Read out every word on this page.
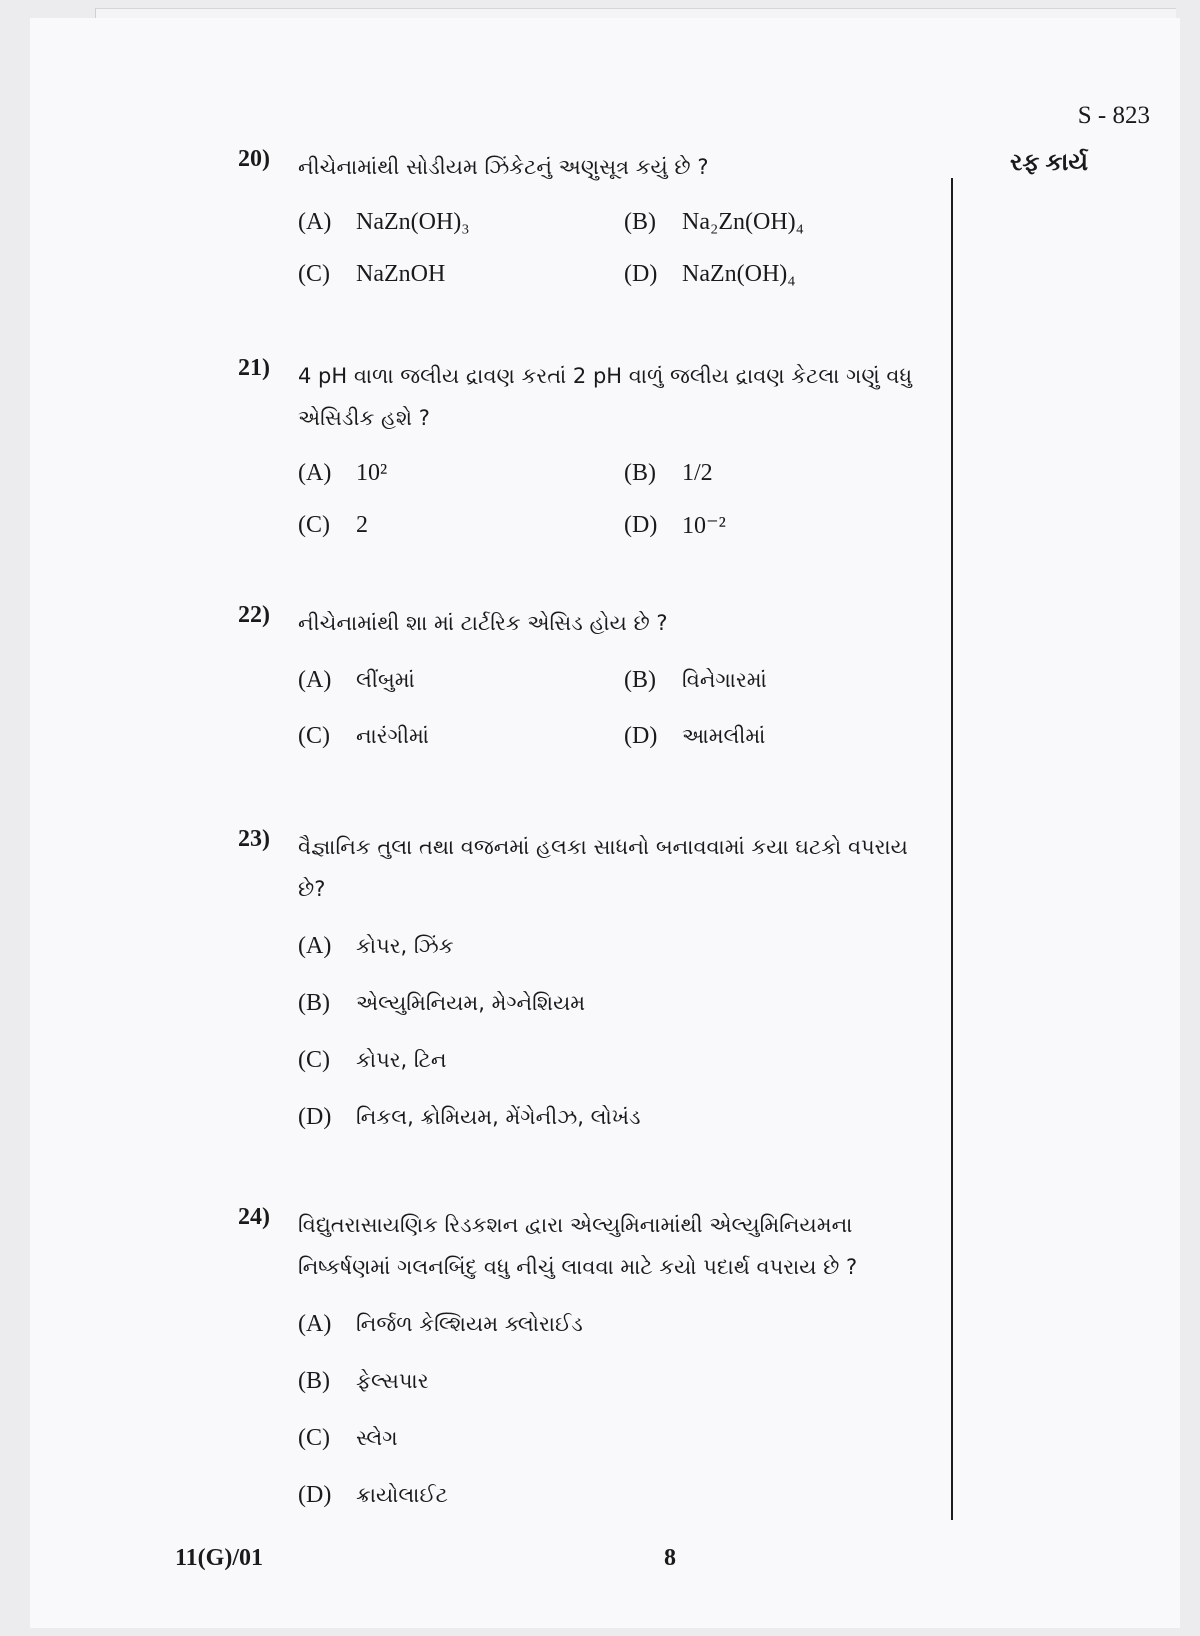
S - 823
રફ કાર્ય
20) નીચેનામાંથી સોડીયમ ઝિંકેટનું અણુસૂત્ર કયું છે ?
(A)	NaZn(OH)₃	(B)	Na₂Zn(OH)₄
(C)	NaZnOH	(D)	NaZn(OH)₄
21) 4 pH વાળા જલીય દ્રાવણ કરતાં 2 pH વાળું જલીય દ્રાવણ કેટલા ગણું વધુ
એસિડીક હશે ?
(A)	10²	(B)	1/2
(C)	2	(D)	10⁻²
22) નીચેનામાંથી શા માં ટાર્ટરિક એસિડ હોય છે ?
(A)	લીંબુમાં	(B)	વિનેગારમાં
(C)	નારંગીમાં	(D)	આમલીમાં
23) વૈજ્ઞાનિક તુલા તથા વજનમાં હલકા સાધનો બનાવવામાં કયા ઘટકો વપરાય
છે?
(A)	કોપર, ઝિંક
(B)	એલ્યુમિનિયમ, મેગ્નેશિયમ
(C)	કોપર, ટિન
(D)	નિકલ, ક્રોમિયમ, મેંગેનીઝ, લોખંડ
24) વિદ્યુતરાસાયણિક રિડકશન દ્વારા એલ્યુમિનામાંથી એલ્યુમિનિયમના
નિષ્કર્ષણમાં ગલનબિંદુ વધુ નીચું લાવવા માટે કયો પદાર્થ વપરાય છે ?
(A)	નિર્જળ કેલ્શિયમ ક્લોરાઈડ
(B)	ફેલ્સપાર
(C)	સ્લેગ
(D)	ક્રાયોલાઈટ
11(G)/01	8
